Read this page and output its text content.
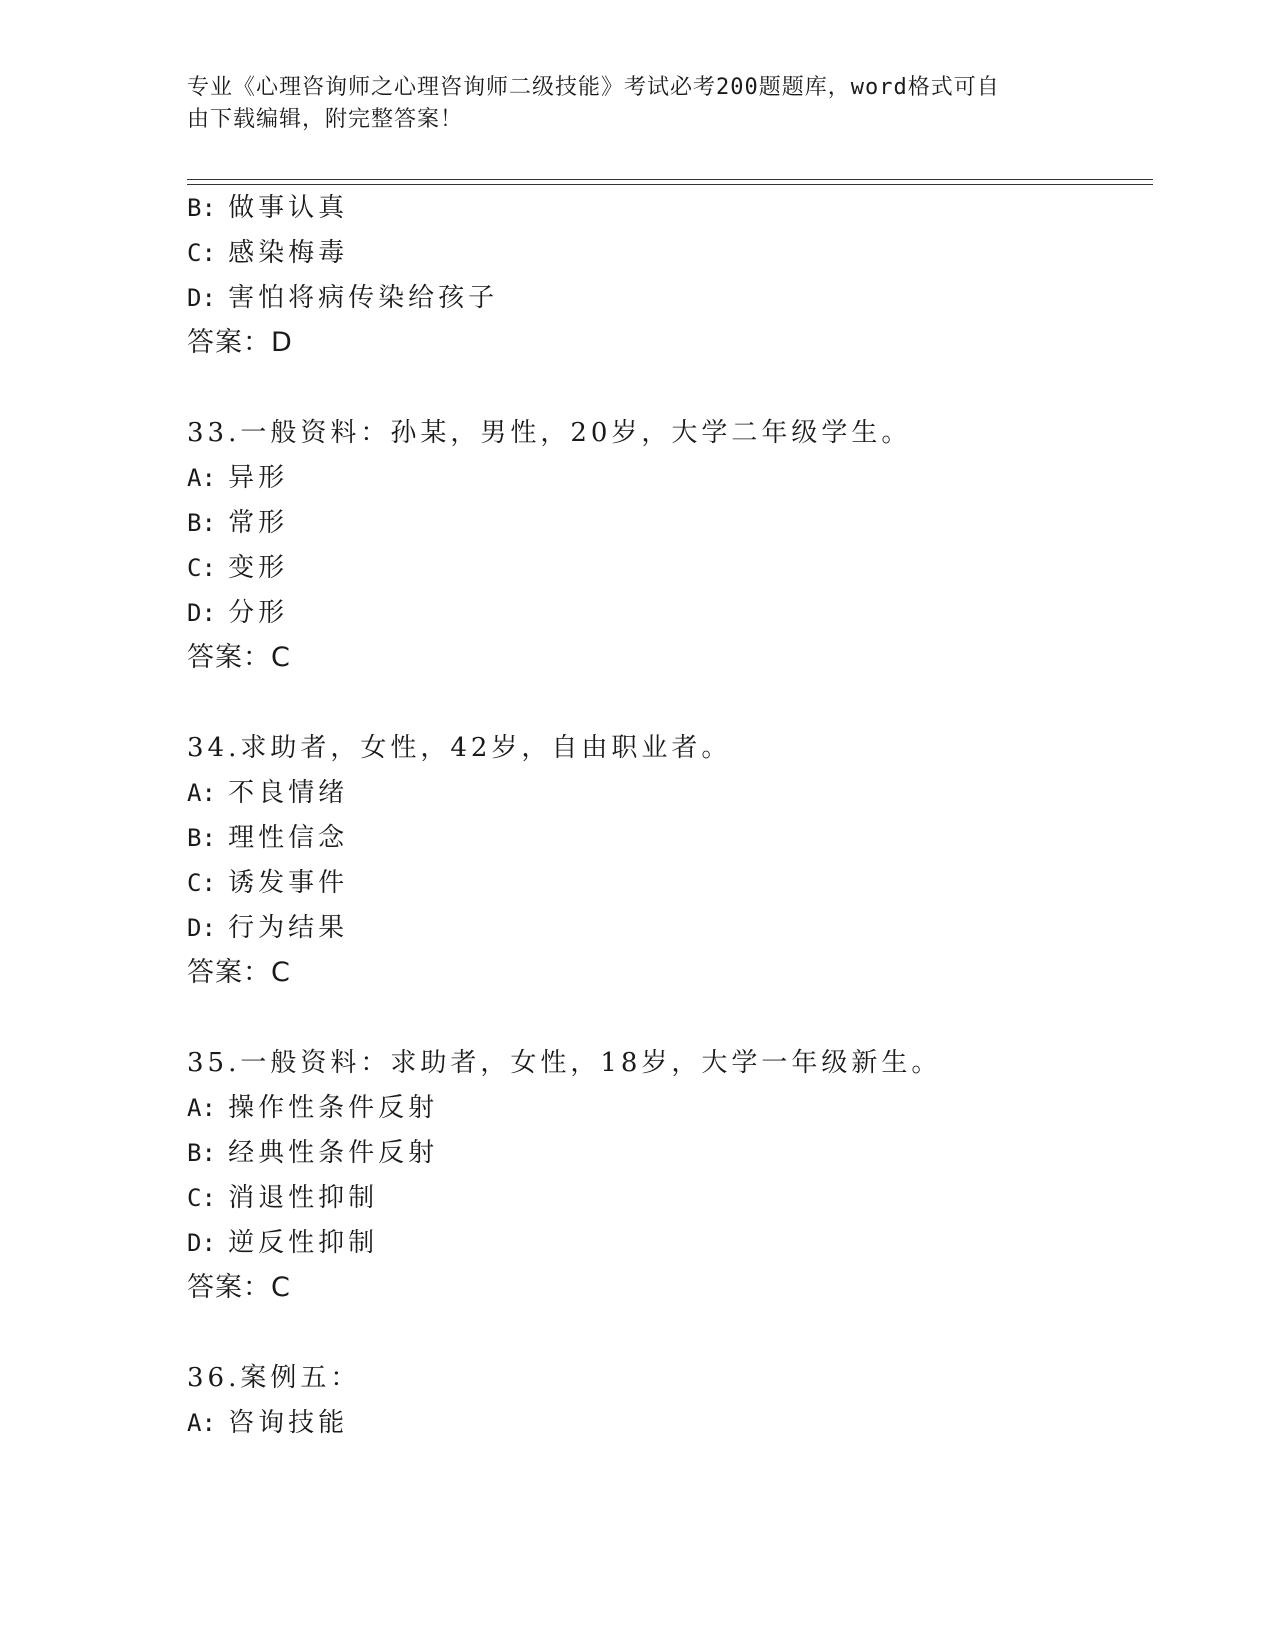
专业《心理咨询师之心理咨询师二级技能》考试必考200题题库，word格式可自
由下载编辑，附完整答案！
B: 做事认真
C: 感染梅毒
D: 害怕将病传染给孩子
答案：D
33.一般资料：孙某，男性，20岁，大学二年级学生。
A: 异形
B: 常形
C: 变形
D: 分形
答案：C
34.求助者，女性，42岁，自由职业者。
A: 不良情绪
B: 理性信念
C: 诱发事件
D: 行为结果
答案：C
35.一般资料：求助者，女性，18岁，大学一年级新生。
A: 操作性条件反射
B: 经典性条件反射
C: 消退性抑制
D: 逆反性抑制
答案：C
36.案例五：
A: 咨询技能
